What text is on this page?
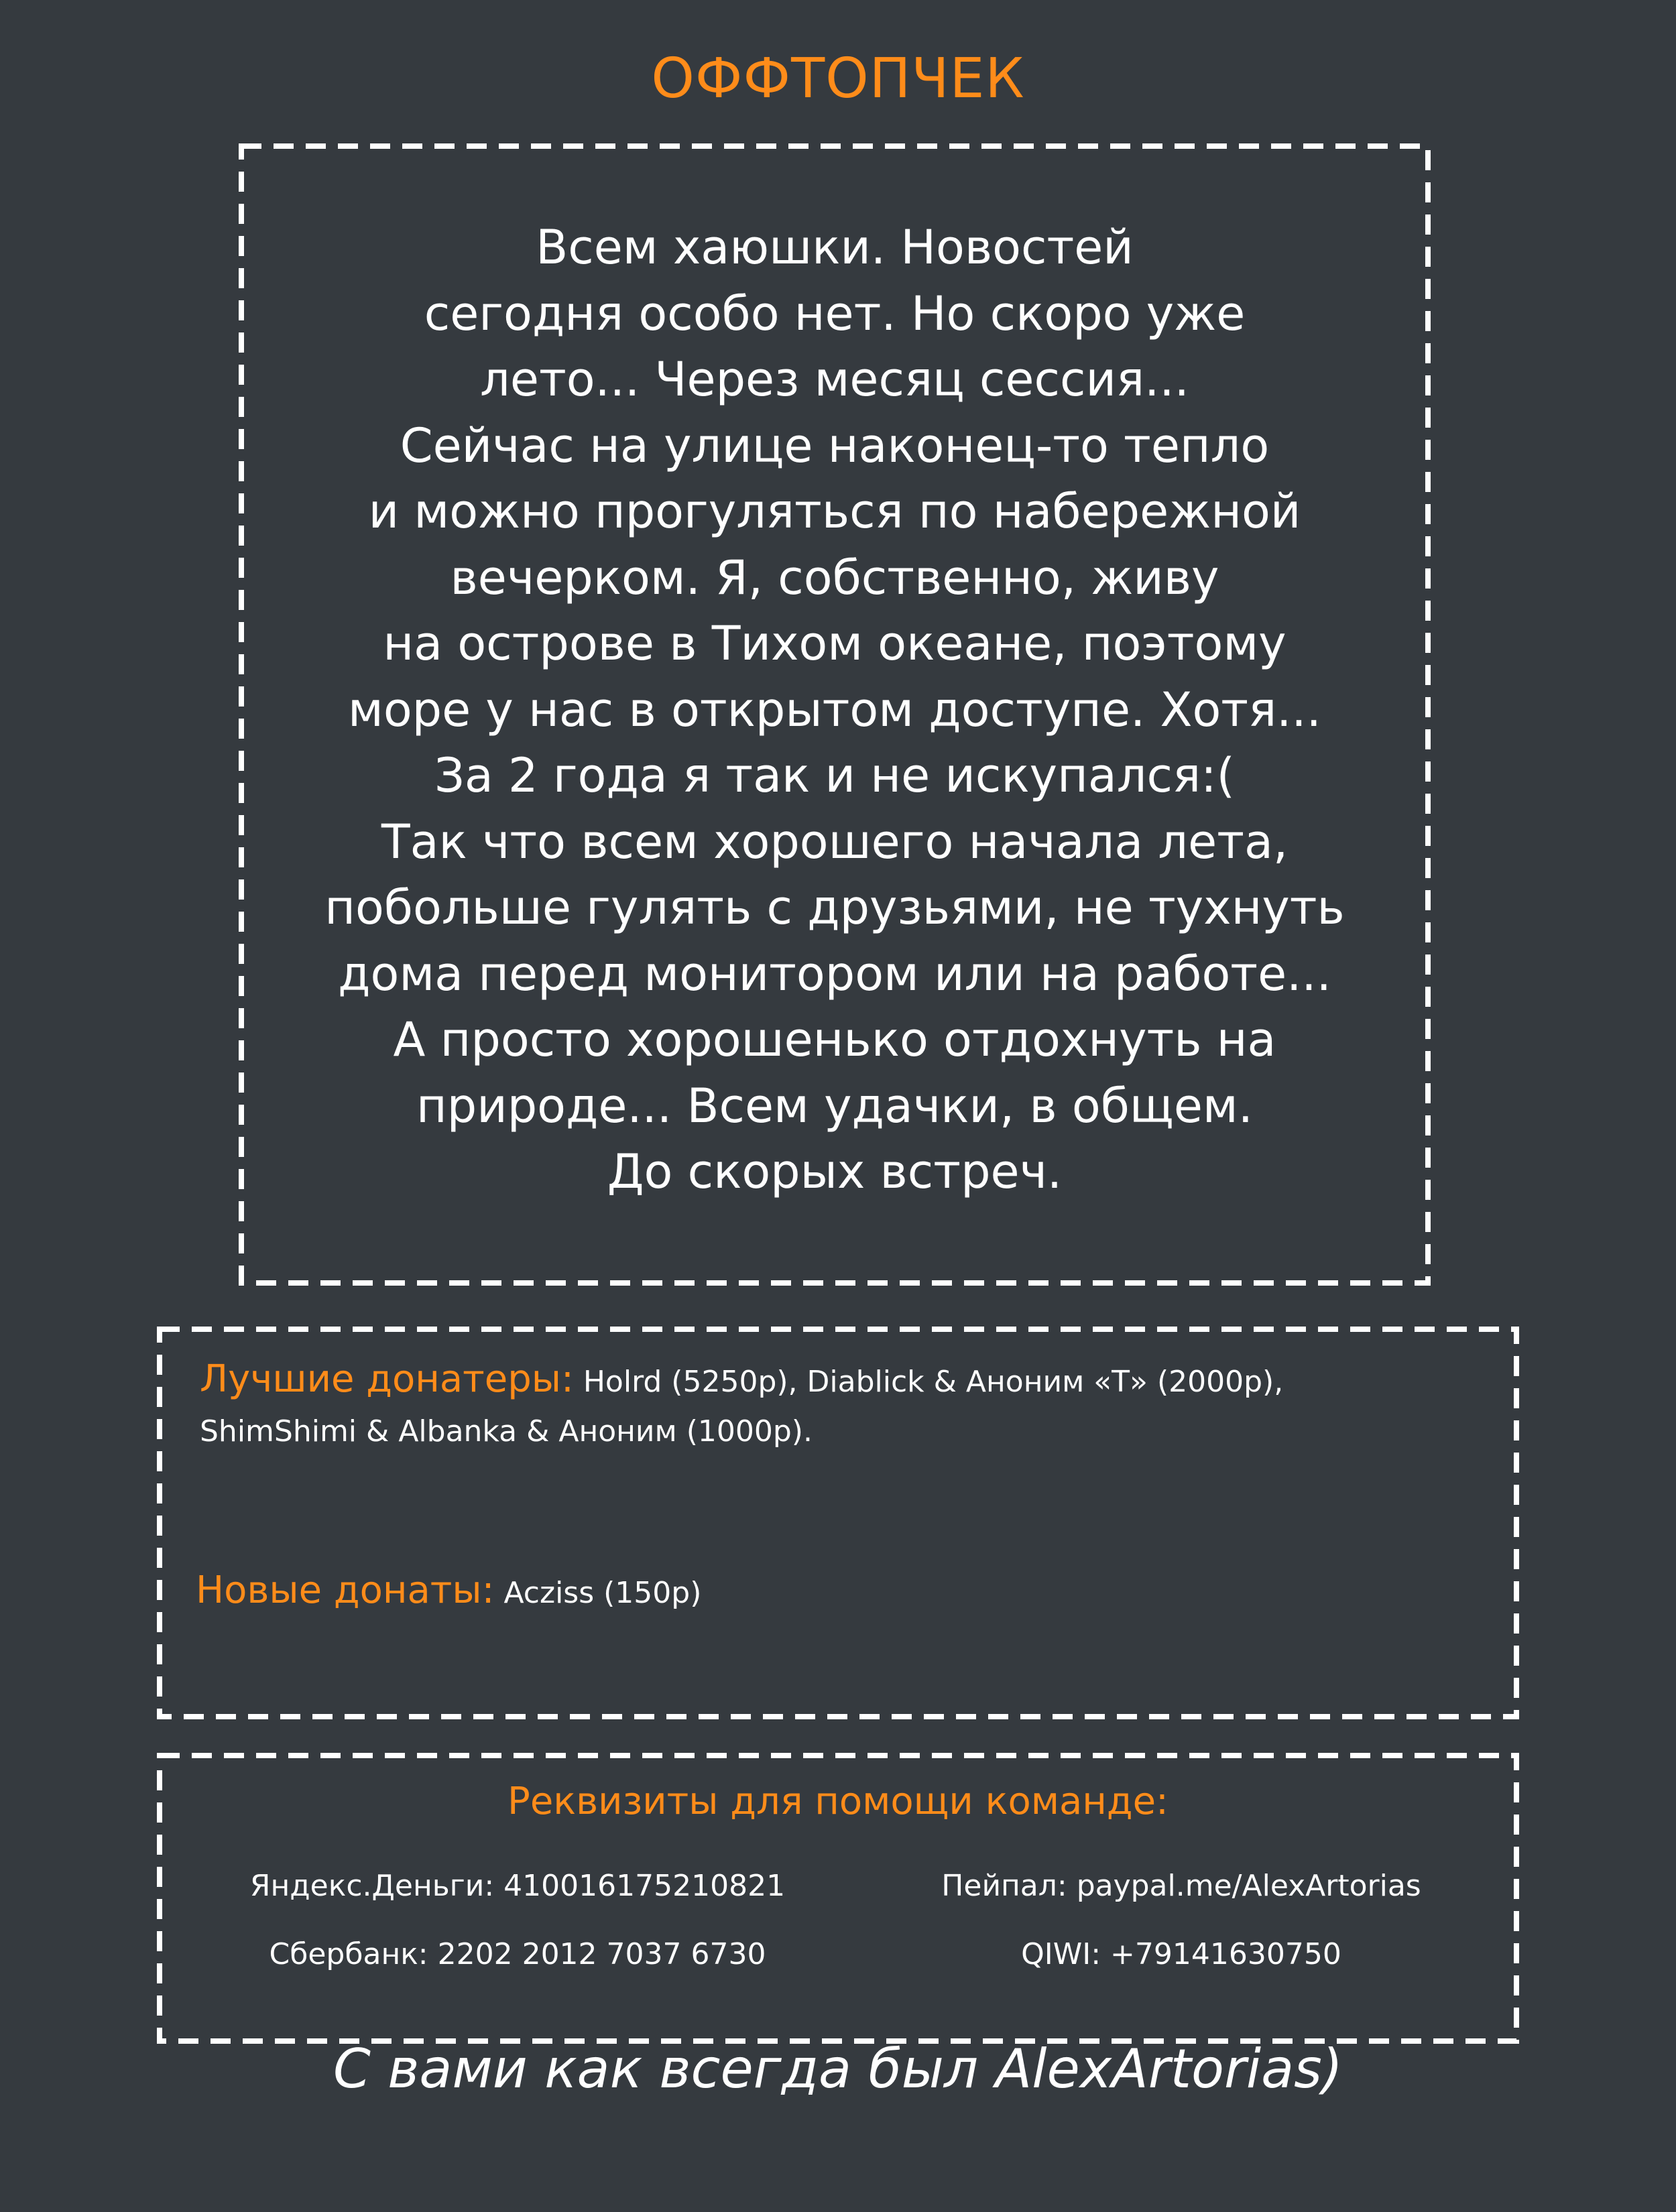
ОФФТОПЧЕК
Всем хаюшки. Новостей
сегодня особо нет. Но скоро уже
лето... Через месяц сессия...
Сейчас на улице наконец-то тепло
и можно прогуляться по набережной
вечерком. Я, собственно, живу
на острове в Тихом океане, поэтому
море у нас в открытом доступе. Хотя...
За 2 года я так и не искупался:(
Так что всем хорошего начала лета,
побольше гулять с друзьями, не тухнуть
дома перед монитором или на работе...
А просто хорошенько отдохнуть на
природе... Всем удачки, в общем.
До скорых встреч.
Лучшие донатеры: Holrd (5250р), Diablick & Аноним «Т» (2000р),
ShimShimi & Albanka & Аноним (1000р).
Новые донаты: Acziss (150р)
Реквизиты для помощи команде:
Яндекс.Деньги: 410016175210821	Пейпал: paypal.me/AlexArtorias
Сбербанк: 2202 2012 7037 6730	QIWI: +79141630750
С вами как всегда был AlexArtorias)
